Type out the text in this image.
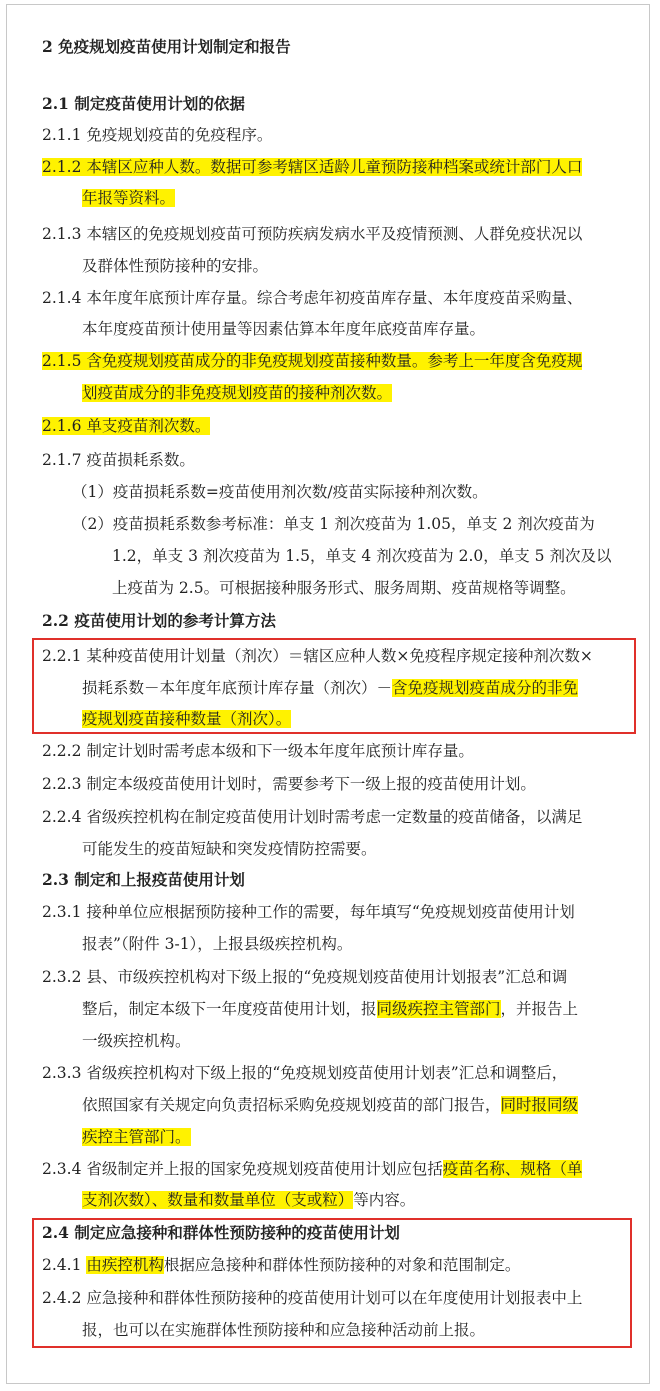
2 免疫规划疫苗使用计划制定和报告
2.1 制定疫苗使用计划的依据
2.1.1 免疫规划疫苗的免疫程序。
2.1.2 本辖区应种人数。数据可参考辖区适龄儿童预防接种档案或统计部门人口
年报等资料。
2.1.3 本辖区的免疫规划疫苗可预防疾病发病水平及疫情预测、人群免疫状况以
及群体性预防接种的安排。
2.1.4 本年度年底预计库存量。综合考虑年初疫苗库存量、本年度疫苗采购量、
本年度疫苗预计使用量等因素估算本年度年底疫苗库存量。
2.1.5 含免疫规划疫苗成分的非免疫规划疫苗接种数量。参考上一年度含免疫规
划疫苗成分的非免疫规划疫苗的接种剂次数。
2.1.6 单支疫苗剂次数。
2.1.7 疫苗损耗系数。
（1）疫苗损耗系数=疫苗使用剂次数/疫苗实际接种剂次数。
（2）疫苗损耗系数参考标准：单支 1 剂次疫苗为 1.05，单支 2 剂次疫苗为
1.2，单支 3 剂次疫苗为 1.5，单支 4 剂次疫苗为 2.0，单支 5 剂次及以
上疫苗为 2.5。可根据接种服务形式、服务周期、疫苗规格等调整。
2.2 疫苗使用计划的参考计算方法
2.2.1 某种疫苗使用计划量（剂次）＝辖区应种人数×免疫程序规定接种剂次数×
损耗系数－本年度年底预计库存量（剂次）－含免疫规划疫苗成分的非免
疫规划疫苗接种数量（剂次）。
2.2.2 制定计划时需考虑本级和下一级本年度年底预计库存量。
2.2.3 制定本级疫苗使用计划时，需要参考下一级上报的疫苗使用计划。
2.2.4 省级疾控机构在制定疫苗使用计划时需考虑一定数量的疫苗储备，以满足
可能发生的疫苗短缺和突发疫情防控需要。
2.3 制定和上报疫苗使用计划
2.3.1 接种单位应根据预防接种工作的需要，每年填写“免疫规划疫苗使用计划
报表”（附件 3-1），上报县级疾控机构。
2.3.2 县、市级疾控机构对下级上报的“免疫规划疫苗使用计划报表”汇总和调
整后，制定本级下一年度疫苗使用计划，报同级疾控主管部门，并报告上
一级疾控机构。
2.3.3 省级疾控机构对下级上报的“免疫规划疫苗使用计划表”汇总和调整后，
依照国家有关规定向负责招标采购免疫规划疫苗的部门报告，同时报同级
疾控主管部门。
2.3.4 省级制定并上报的国家免疫规划疫苗使用计划应包括疫苗名称、规格（单
支剂次数）、数量和数量单位（支或粒）等内容。
2.4 制定应急接种和群体性预防接种的疫苗使用计划
2.4.1 由疾控机构根据应急接种和群体性预防接种的对象和范围制定。
2.4.2 应急接种和群体性预防接种的疫苗使用计划可以在年度使用计划报表中上
报，也可以在实施群体性预防接种和应急接种活动前上报。
